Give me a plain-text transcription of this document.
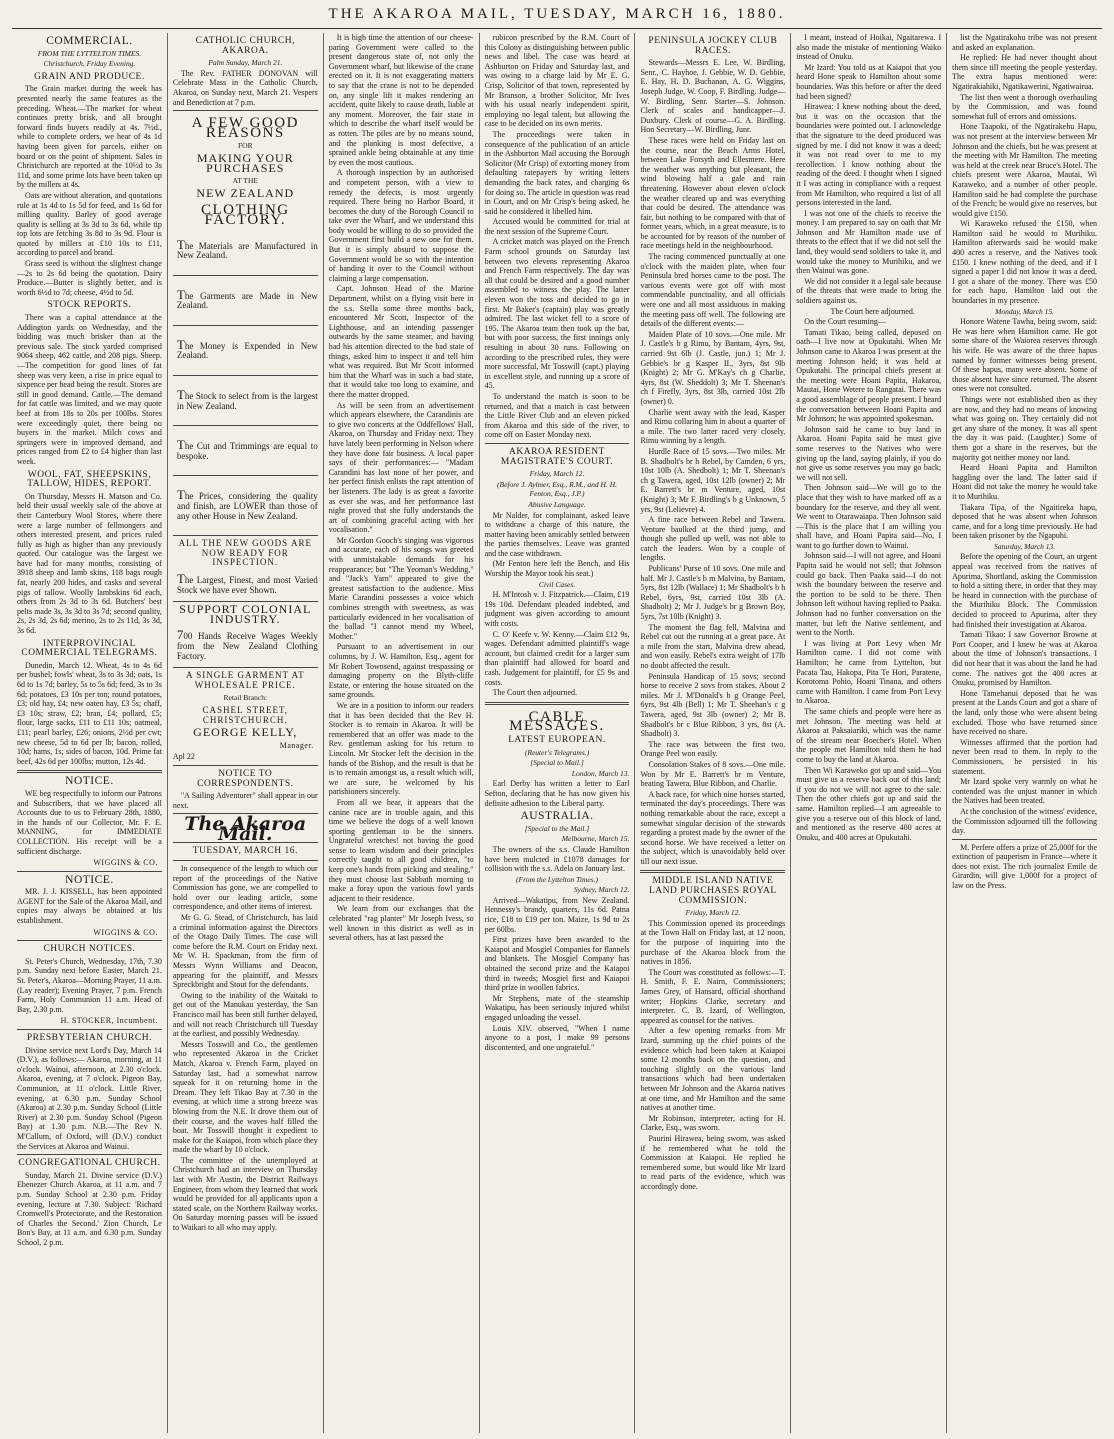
THE AKAROA MAIL, TUESDAY, MARCH 16, 1880.
COMMERCIAL.
FROM THE LYTTELTON TIMES.
Christchurch, Friday Evening.
GRAIN AND PRODUCE.

The Grain market during the week has presented nearly the same features as the preceding. Wheat.—The market for wheat continues pretty brisk, and all brought forward finds buyers readily at 4s. 7½d., while to complete orders, we hear of 4s 1d having been given for parcels, either on board or on the point of shipment. Sales in Christchurch are reported at the 10½d to 3s 11d, and some prime lots have been taken up by the millers at 4s.

Oats are without alteration, and quotations rule at 1s 4d to 1s 5d for feed, and 1s 6d for milling quality. Barley of good average quality is selling at 3s 3d to 3s 6d, while tip top lots are fetching 3s 8d to 3s 9d. Flour is quoted by millers at £10 10s to £11, according to parcel and brand.

Grass seed is without the slightest change—2s to 2s 6d being the quotation. Dairy Produce.—Butter is slightly better, and is worth 6½d to 7d; cheese, 4½d to 5d.

STOCK REPORTS.

There was a capital attendance at the Addington yards on Wednesday, and the bidding was much brisker than at the previous sale. The stock yarded comprised 9064 sheep, 462 cattle, and 208 pigs. Sheep.—The competition for good lines of fat sheep was very keen, a rise in price equal to sixpence per head being the result. Stores are still in good demand. Cattle.—The demand for fat cattle was limited, and we may quote beef at from 18s to 20s per 100lbs. Stores were exceedingly quiet, there being no buyers in the market. Milch cows and springers were in improved demand, and prices ranged from £2 to £4 higher than last week.

WOOL, FAT, SHEEPSKINS, TALLOW, HIDES, REPORT.

On Thursday, Messrs H. Matson and Co. held their usual weekly sale of the above at their Canterbury Wool Stores, where there were a large number of fellmongers and others interested present, and prices ruled fully as high as higher than any previously quoted. Our catalogue was the largest we have had for many months, consisting of 3918 sheep and lamb skins, 118 bags rough fat, nearly 200 hides, and casks and several pigs of tallow. Woolly lambskins 6d each, others from 2s 3d to 3s 6d. Butchers' best pelts made 3s, 3s 3d to 3s 7d; second quality, 2s, 2s 3d, 2s 6d; merino, 2s to 2s 11d, 3s 3d, 3s 6d.

INTERPROVINCIAL COMMERCIAL TELEGRAMS.

Dunedin, March 12. Wheat, 4s to 4s 6d per bushel; fowls' wheat, 3s to 3s 3d; oats, 1s 6d to 1s 7d; barley, 5s to 5s 6d; feed, 3s to 3s 6d; potatoes, £3 10s per ton; round potatoes, £3; old hay, £4; new oaten hay, £3 5s; chaff, £3 10s; straw, £2; bran, £4; pollard, £5; flour, large sacks, £11 to £11 10s; oatmeal, £11; pearl barley, £26; onions, 2½d per cwt; new cheese, 5d to 6d per lb; bacon, rolled, 10d; hams, 1s; sides of bacon, 10d. Prime fat beef, 42s 6d per 100lbs; mutton, 12s 4d.

NOTICE.

WE beg respectfully to inform our Patrons and Subscribers, that we have placed all Accounts due to us to February 28th, 1880, in the hands of our Collector, Mr. F. E. MANNING, for IMMEDIATE COLLECTION. His receipt will be a sufficient discharge.

WIGGINS & CO.
NOTICE.

MR. J. J. KISSELL, has been appointed AGENT for the Sale of the Akaroa Mail, and copies may always be obtained at his establishment.

WIGGINS & CO.
CHURCH NOTICES.

St. Peter's Church, Wednesday, 17th, 7.30 p.m. Sunday next before Easter, March 21. St. Peter's, Akaroa—Morning Prayer, 11 a.m. (Lay reader); Evening Prayer, 7 p.m. French Farm, Holy Communion 11 a.m. Head of Bay, 2.30 p.m.

H. STOCKER, Incumbent.
PRESBYTERIAN CHURCH.

Divine service next Lord's Day, March 14 (D.V.), as follows:— Akaroa, morning, at 11 o'clock. Wainui, afternoon, at 2.30 o'clock. Akaroa, evening, at 7 o'clock. Pigeon Bay, Communion, at 11 o'clock. Little River, evening, at 6.30 p.m. Sunday School (Akaroa) at 2.30 p.m. Sunday School (Little River) at 2.30 p.m. Sunday School (Pigeon Bay) at 1.30 p.m. N.B.—The Rev N. M'Callum, of Oxford, will (D.V.) conduct the Services at Akaroa and Wainui.

CONGREGATIONAL CHURCH.

Sunday, March 21. Divine service (D.V.) Ebenezer Church Akaroa, at 11 a.m. and 7 p.m. Sunday School at 2.30 p.m. Friday evening, lecture at 7.30. Subject: 'Richard Cromwell's Protectorate, and the Restoration of Charles the Second.' Zion Church, Le Bon's Bay, at 11 a.m. and 6.30 p.m. Sunday School, 2 p.m.

CATHOLIC CHURCH, AKAROA.
Palm Sunday, March 21.

The Rev. FATHER DONOVAN will Celebrate Mass in the Catholic Church, Akaroa, on Sunday next, March 21. Vespers and Benediction at 7 p.m.

A FEW GOOD REASONS
FOR
MAKING YOUR PURCHASES
AT THE
NEW ZEALAND
CLOTHING FACTORY.
The Materials are Manufactured in New Zealand.
The Garments are Made in New Zealand.
The Money is Expended in New Zealand.
The Stock to select from is the largest in New Zealand.
The Cut and Trimmings are equal to bespoke.
The Prices, considering the quality and finish, are LOWER than those of any other House in New Zealand.
ALL THE NEW GOODS ARE NOW READY FOR INSPECTION.
The Largest, Finest, and most Varied Stock we have ever Shown.
SUPPORT COLONIAL INDUSTRY.
700 Hands Receive Wages Weekly from the New Zealand Clothing Factory.
A SINGLE GARMENT AT WHOLESALE PRICE.
Retail Branch:
CASHEL STREET, CHRISTCHURCH.
GEORGE KELLY,
Manager.
Apl 22
NOTICE TO CORRESPONDENTS.

"A Sailing Adventurer" shall appear in our next.

The Akaroa Mail.
TUESDAY, MARCH 16.

In consequence of the length to which our report of the proceedings of the Native Commission has gone, we are compelled to hold over our leading article, some correspondence, and other items of interest.

Mr G. G. Stead, of Christchurch, has laid a criminal information against the Directors of the Otago Daily Times. The case will come before the R.M. Court on Friday next. Mr W. H. Spackman, from the firm of Messrs Wynn Williams and Deacon, appearing for the plaintiff, and Messrs Spreckbright and Stout for the defendants.

Owing to the inability of the Waitaki to get out of the Manukau yesterday, the San Francisco mail has been still further delayed, and will not reach Christchurch till Tuesday at the earliest, and possibly Wednesday.

Messrs Tosswill and Co., the gentlemen who represented Akaroa in the Cricket Match, Akaroa v. French Farm, played on Saturday last, had a somewhat narrow squeak for it on returning home in the Dream. They left Tikao Bay at 7.30 in the evening, at which time a strong breeze was blowing from the N.E. It drove them out of their course, and the waves half filled the boat. Mr Tosswill thought it expedient to make for the Kaiapoi, from which place they made the wharf by 10 o'clock.

The committee of the unemployed at Christchurch had an interview on Thursday last with Mr Austin, the District Railways Engineer, from whom they learned that work would be provided for all applicants upon a stated scale, on the Northern Railway works. On Saturday morning passes will be issued to Waikari to all who may apply.

It is high time the attention of our cheese-paring Government were called to the present dangerous state of, not only the Government wharf, but likewise of the crane erected on it. It is not exaggerating matters to say that the crane is not to be depended on, any single lift it makes rendering an accident, quite likely to cause death, liable at any moment. Moreover, the fair state in which to describe the wharf itself would be as rotten. The piles are by no means sound, and the planking is most defective, a sprained ankle being obtainable at any time by even the most cautious.

A thorough inspection by an authorised and competent person, with a view to remedy the defects, is most urgently required. There being no Harbor Board, it becomes the duty of the Borough Council to take over the Wharf, and we understand this body would be willing to do so provided the Government first build a new one for them. But it is simply absurd to suppose the Government would be so with the intention of handing it over to the Council without claiming a large compensation.

Capt. Johnson Head of the Marine Department, whilst on a flying visit here in the s.s. Stella some three months back, encountered Mr Scott, Inspector of the Lighthouse, and an intending passenger outwards by the same steamer, and having had his attention directed to the bad state of things, asked him to inspect it and tell him what was required. But Mr Scott informed him that the Wharf was in such a bad state, that it would take too long to examine, and there the matter dropped.

As will be seen from an advertisement which appears elsewhere, the Carandinis are to give two concerts at the Oddfellows' Hall, Akaroa, on Thursday and Friday next. They have lately been performing in Nelson where they have done fair business. A local paper says of their performances:— "Madam Carandini has lost none of her power, and her perfect finish enlists the rapt attention of her listeners. The lady is as great a favorite as ever she was, and her performance last night proved that she fully understands the art of combining graceful acting with her vocalisation."

Mr Gordon Gooch's singing was vigorous and accurate, each of his songs was greeted with unmistakable demands for his reappearance; but "The Yeoman's Wedding," and "Jack's Yarn" appeared to give the greatest satisfaction to the audience. Miss Marie Carandini possesses a voice which combines strength with sweetness, as was particularly evidenced in her vocalisation of the ballad "I cannot mend my Wheel, Mother."

Pursuant to an advertisement in our columns, by J. W. Hamilton, Esq., agent for Mr Robert Townsend, against trespassing or damaging property on the Blyth-cliffe Estate, or entering the house situated on the same grounds.

We are in a position to inform our readers that it has been decided that the Rev H. Stocker is to remain in Akaroa. It will be remembered that an offer was made to the Rev. gentleman asking for his return to Lincoln. Mr Stocker left the decision in the hands of the Bishop, and the result is that he is to remain amongst us, a result which will, we are sure, be welcomed by his parishioners sincerely.

From all we hear, it appears that the canine race are in trouble again, and this time we believe the dogs of a well known sporting gentleman to be the sinners. Ungrateful wretches! not having the good sense to learn wisdom and their principles correctly taught to all good children, "to keep one's hands from picking and stealing," they must choose last Sabbath morning to make a foray upon the various fowl yards adjacent to their residence.

We learn from our exchanges that the celebrated "rag planter" Mr Joseph Ivess, so well known in this district as well as in several others, has at last passed the

rubicon prescribed by the R.M. Court of this Colony as distinguishing between public news and libel. The case was heard at Ashburton on Friday and Saturday last, and was owing to a charge laid by Mr E. G. Crisp, Solicitor of that town, represented by Mr Branson, a brother Solicitor, Mr Ives with his usual nearly independent spirit, employing no legal talent, but allowing the case to be decided on its own merits.

The proceedings were taken in consequence of the publication of an article in the Ashburton Mail accusing the Borough Solicitor (Mr Crisp) of extorting money from defaulting ratepayers by writing letters demanding the back rates, and charging 6s for doing so. The article in question was read in Court, and on Mr Crisp's being asked, he said he considered it libelled him.

Accused would be committed for trial at the next session of the Supreme Court.

A cricket match was played on the French Farm school grounds on Saturday last between two elevens representing Akaroa and French Farm respectively. The day was all that could be desired and a good number assembled to witness the play. The latter eleven won the toss and decided to go in first. Mr Baker's (captain) play was greatly admired. The last wicket fell to a score of 195. The Akaroa team then took up the bat, but with poor success, the first innings only resulting in about 30 runs. Following on according to the prescribed rules, they were more successful, Mr Tosswill (capt.) playing in excellent style, and running up a score of 45.

To understand the match is soon to be returned, and that a match is cast between the Little River Club and an eleven picked from Akaroa and this side of the river, to come off on Easter Monday next.

AKAROA RESIDENT MAGISTRATE'S COURT.
Friday, March 12.
(Before J. Aylmer, Esq., R.M., and H. H. Fenton, Esq., J.P.)
Abusive Language.

Mr Nalder, for complainant, asked leave to withdraw a charge of this nature, the matter having been amicably settled between the parties themselves. Leave was granted and the case withdrawn.

(Mr Fenton here left the Bench, and His Worship the Mayor took his seat.)

Civil Cases.

H. M'Intosh v. J. Fitzpatrick.—Claim, £19 19s 10d. Defendant pleaded indebted, and judgment was given according to amount with costs.

C. O' Keefe v. W. Kenny.—Claim £12 9s, wages. Defendant admitted plaintiff's wage account, but claimed credit for a larger sum than plaintiff had allowed for board and cash. Judgement for plaintiff, for £5 9s and costs.

The Court then adjourned.

CABLE MESSAGES.
LATEST EUROPEAN.
(Reuter's Telegrams.)
[Special to Mail.]
London, March 13.

Earl Derby has written a letter to Earl Sefton, declaring that he has now given his definite adhesion to the Liberal party.

AUSTRALIA.
[Special to the Mail.]
Melbourne, March 15.

The owners of the s.s. Claude Hamilton have been mulcted in £1078 damages for collision with the s.s. Adela on January last.

(From the Lyttelton Times.)
Sydney, March 12.

Arrived—Wakatipu, from New Zealand. Hennessy's brandy, quarters, 11s 6d. Patna rice, £18 to £19 per ton. Maize, 1s 9d to 2s per 60lbs.

First prizes have been awarded to the Kaiapoi and Mosgiel Companies for flannels and blankets. The Mosgiel Company has obtained the second prize and the Kaiapoi third in tweeds; Mosgiel first and Kaiapoi third prize in woollen fabrics.

Mr Stephens, mate of the steamship Wakatipu, has been seriously injured whilst engaged unloading the vessel.

Louis XIV. observed, "When I name anyone to a post, I make 99 persons discontented, and one ungrateful."

PENINSULA JOCKEY CLUB RACES.

Stewards—Messrs E. Lee, W. Birdling, Senr., C. Hayhoe, J. Gebbie, W. D. Gebbie, E. Hay, H. D. Buchanan, A. G. Wiggins, Joseph Judge, W. Coop, F. Birdling. Judge—W. Birdling, Senr. Starter—S. Johnson. Clerk of scales and handicapper—J. Duxbury. Clerk of course—G. A. Birdling. Hon Secretary—W. Birdling, Junr.

These races were held on Friday last on the course, near the Beach Arms Hotel, between Lake Forsyth and Ellesmere. Here the weather was anything but pleasant, the wind blowing half a gale and rain threatening. However about eleven o'clock the weather cleared up and was everything that could be desired. The attendance was fair, but nothing to be compared with that of former years, which, in a great measure, is to be accounted for by reason of the number of race meetings held in the neighbourhood.

The racing commenced punctually at one o'clock with the maiden plate, when four Peninsula bred horses came to the post. The various events were got off with most commendable punctuality, and all officials were one and all most assiduous in making the meeting pass off well. The following are details of the different events:—

Maiden Plate of 10 sovs.—One mile. Mr J. Castle's b g Rimu, by Bantam, 4yrs, 9st, carried 9st 6lb (J. Castle, jun.) 1; Mr J. Gebbie's br g Kasper II., 3yrs, 8st 9lb (Knight) 2; Mr G. M'Kay's ch g Charlie, 4yrs, 8st (W. Sheddolt) 3; Mr T. Sheenan's ch f Firefly, 3yrs, 8st 3lb, carried 10st 2lb (owner) 0.

Charlie went away with the lead, Kasper and Rimu collaring him in about a quarter of a mile. The two latter raced very closely, Rimu winning by a length.

Hurdle Race of 15 sovs.—Two miles. Mr B. Shadbolt's br h Rebel, by Camden, 6 yrs, 10st 10lb (A. Shedbolt) 1; Mr T. Sheenan's ch g Tawera, aged, 10st 12lb (owner) 2; Mr E. Barrett's br m Venture, aged, 10st (Knight) 3; Mr F. Birdling's b g Unknown, 5 yrs, 9st (Lelievre) 4.

A fine race between Rebel and Tawera. Venture baulked at the third jump, and though she pulled up well, was not able to catch the leaders. Won by a couple of lengths.

Publicans' Purse of 10 sovs. One mile and half. Mr J. Castle's b m Malvina, by Bantam, 5yrs, 8st 12lb (Wallace) 1; Mr Shadbolt's b h Rebel, 6yrs, 9st, carried 10st 3lb (A. Shadbolt) 2; Mr J. Judge's br g Brown Boy, 5yrs, 7st 10lb (Knight) 3.

The moment the flag fell, Malvina and Rebel cut out the running at a great pace. At a mile from the start, Malvina drew ahead, and won easily. Rebel's extra weight of 17lb no doubt affected the result.

Peninsula Handicap of 15 sovs; second horse to receive 2 sovs from stakes. About 2 miles. Mr J. M'Donald's b g Orange Peel, 6yrs, 9st 4lb (Bell) 1; Mr T. Sheehan's c g Tawera, aged, 9st 3lb (owner) 2; Mr B. Shadbolt's br c Blue Ribbon, 3 yrs, 8st (A. Shadbolt) 3.

The race was between the first two. Orange Peel won easily.

Consolation Stakes of 8 sovs.—One mile. Won by Mr E. Barrett's br m Venture, beating Tawera, Blue Ribbon, and Charlie.

A hack race, for which nine horses started, terminated the day's proceedings. There was nothing remarkable about the race, except a somewhat singular decision of the stewards regarding a protest made by the owner of the second horse. We have received a letter on the subject, which is unavoidably held over till our next issue.

MIDDLE ISLAND NATIVE LAND PURCHASES ROYAL COMMISSION.
Friday, March 12.

This Commission opened its proceedings at the Town Hall on Friday last, at 12 noon, for the purpose of inquiring into the purchase of the Akaroa block from the natives in 1856.

The Court was constituted as follows:—T. H. Smith, F. E. Nairn, Commissioners; James Grey, of Hansard, official shorthand writer; Hopkins Clarke, secretary and interpreter. C. B. Izard, of Wellington, appeared as counsel for the natives.

After a few opening remarks from Mr Izard, summing up the chief points of the evidence which had been taken at Kaiapoi some 12 months back on the question, and touching slightly on the various land transactions which had been undertaken between Mr Johnson and the Akaroa natives at one time, and Mr Hamilton and the same natives at another time.

Mr Robinson, interpreter, acting for H. Clarke, Esq., was sworn.

Paurini Hirawea, being sworn, was asked if he remembered what he told the Commission at Kaiapoi. He replied he remembered some, but would like Mr Izard to read parts of the evidence, which was accordingly done.

I meant, instead of Hoikai, Ngaitarewa. I also made the mistake of mentioning Waiko instead of Onuku.

Mr Izard: You told us at Kaiapoi that you heard Hone speak to Hamilton about some boundaries. Was this before or after the deed had been signed?

Hirawea: I knew nothing about the deed, but it was on the occasion that the boundaries were pointed out. I acknowledge that the signature to the deed produced was signed by me. I did not know it was a deed; it was not read over to me to my recollection. I know nothing about the reading of the deed. I thought when I signed it I was acting in compliance with a request from Mr Hamilton, who required a list of all persons interested in the land.

I was not one of the chiefs to receive the money. I am prepared to say on oath that Mr Johnson and Mr Hamilton made use of threats to the effect that if we did not sell the land, they would send soldiers to take it, and would take the money to Murihiku, and we then Wainui was gone.

We did not consider it a legal sale because of the threats that were made to bring the soldiers against us.

The Court here adjourned.

On the Court resuming—

Tamati Tikao, being called, deposed on oath—I live now at Opukutahi. When Mr Johnson came to Akaroa I was present at the meeting Johnson held; it was held at Opukutahi. The principal chiefs present at the meeting were Hoani Papita, Hakaroa, Mautai, Hone Wetere to Rangatai. There was a good assemblage of people present. I heard the conversation between Hoani Papita and Mr Johnson; he was appointed spokesman.

Johnson said he came to buy land in Akaroa. Hoani Papita said he must give some reserves to the Natives who were giving up the land, saying plainly, if you do not give us some reserves you may go back; we will not sell.

Then Johnson said—We will go to the place that they wish to have marked off as a boundary for the reserve, and they all went. We went to Otarawaiapa. Then Johnson said—This is the place that I am willing you shall have, and Hoani Papita said—No, I want to go further down to Wainui.

Johnson said—I will not agree, and Hoani Papita said he would not sell; that Johnson could go back. Then Paaka said—I do not wish the boundary between the reserve and the portion to be sold to be there. Then Johnson left without having replied to Paaka. Johnson had no further conversation on the matter, but left the Native settlement, and went to the North.

I was living at Port Levy when Mr Hamilton came. I did not come with Hamilton; he came from Lyttelton, but Pacata Tau, Hakopa, Pita Te Hori, Paratene, Korotoma Pohio, Hoani Tinana, and others came with Hamilton. I came from Port Levy to Akaroa.

The same chiefs and people were here as met Johnson. The meeting was held at Akaroa at Paksaiariki, which was the name of the stream near Boecher's Hotel. When the people met Hamilton told them he had come to buy the land at Akaroa.

Then Wi Karaweko got up and said—You must give us a reserve back out of this land; if you do not we will not agree to the sale. Then the other chiefs got up and said the same. Hamilton replied—I am agreeable to give you a reserve out of this block of land, and mentioned as the reserve 400 acres at Onuku, and 400 acres at Opukutahi.

list the Ngatirakohu tribe was not present and asked an explanation.

He replied: He had never thought about them since till meeting the people yesterday. The extra hapus mentioned were: Ngatirakiahiki, Ngatikawerini, Ngatiwairua.

The list then went a thorough overhauling by the Commission, and was found somewhat full of errors and omissions.

Hone Taapoki, of the Ngatirakehu Hapu, was not present at the interview between Mr Johnson and the chiefs, but he was present at the meeting with Mr Hamilton. The meeting was held at the creek near Bruce's Hotel. The chiefs present were Akaroa, Mautai, Wi Karaweko, and a number of other people. Hamilton said he had complete the purchase of the French; he would give no reserves, but would give £150.

Wi Karaweko refused the £150, when Hamilton said he would to Murihiku. Hamilton afterwards said he would make 400 acres a reserve, and the Natives took £150. I knew nothing of the deed, and if I signed a paper I did not know it was a deed. I got a share of the money. There was £50 for each hapu. Hamilton laid out the boundaries in my presence.

Monday, March 15.

Honore Watene Tawha, being sworn, said: He was here when Hamilton came. He got some share of the Waiorea reserves through his wife. He was aware of the three hapus named by former witnesses being present. Of these hapus, many were absent. Some of those absent have since returned. The absent ones were not consulted.

Things were not established then as they are now, and they had no means of knowing what was going on. They certainly did not get any share of the money. It was all spent the day it was paid. (Laughter.) Some of them got a share in the reserves, but the majority got neither money nor land.

Heard Hoani Papita and Hamilton haggling over the land. The latter said if Hoani did not take the money he would take it to Murihiku.

Tiakara Tipa, of the Ngaitireka hapu, deposed that he was absent when Johnson came, and for a long time previously. He had been taken prisoner by the Ngapuhi.

Saturday, March 13.

Before the opening of the Court, an urgent appeal was received from the natives of Apurima, Shortland, asking the Commission to hold a sitting there, in order that they may be heard in connection with the purchase of the Murihiku Block. The Commission decided to proceed to Apurima, after they had finished their investigation at Akaroa.

Tamati Tikao: I saw Governor Browne at Port Cooper, and I knew he was at Akaroa about the time of Johnson's transactions. I did not hear that it was about the land he had come. The natives got the 400 acres at Onuku, promised by Hamilton.

Hone Tamehanui deposed that he was present at the Lands Court and got a share of the land, only those who were absent being excluded. Those who have returned since have received no share.

Witnesses affirmed that the portion had never been read to them. In reply to the Commissioners, he persisted in his statement.

Mr Izard spoke very warmly on what he contended was the unjust manner in which the Natives had been treated.

At the conclusion of the witness' evidence, the Commission adjourned till the following day.

M. Perfere offers a prize of 25,000f for the extinction of pauperism in France—where it does not exist. The rich journalist Emile de Girardin, will give 1,000f for a project of law on the Press.
